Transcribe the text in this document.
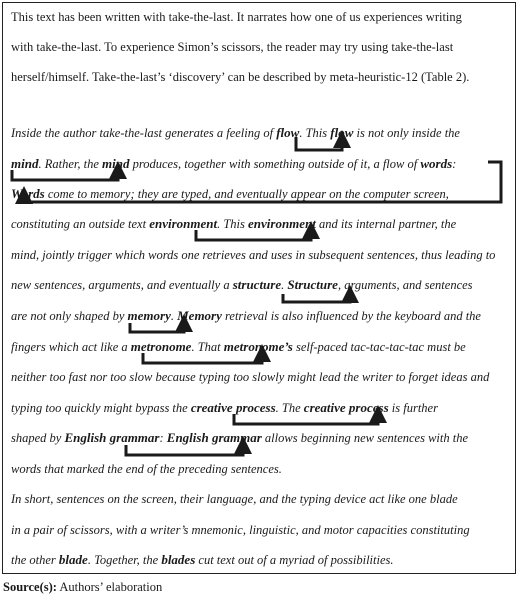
This text has been written with take-the-last. It narrates how one of us experiences writing
with take-the-last. To experience Simon’s scissors, the reader may try using take-the-last
herself/himself. Take-the-last’s ‘discovery’ can be described by meta-heuristic-12 (Table 2).
Inside the author take-the-last generates a feeling of flow. This flow is not only inside the
mind. Rather, the mind produces, together with something outside of it, a flow of words:
Words come to memory; they are typed, and eventually appear on the computer screen,
constituting an outside text environment. This environment and its internal partner, the
mind, jointly trigger which words one retrieves and uses in subsequent sentences, thus leading to
new sentences, arguments, and eventually a structure. Structure, arguments, and sentences
are not only shaped by memory. Memory retrieval is also influenced by the keyboard and the
fingers which act like a metronome. That metronome’s self-paced tac-tac-tac-tac must be
neither too fast nor too slow because typing too slowly might lead the writer to forget ideas and
typing too quickly might bypass the creative process. The creative process is further
shaped by English grammar: English grammar allows beginning new sentences with the
words that marked the end of the preceding sentences.
In short, sentences on the screen, their language, and the typing device act like one blade
in a pair of scissors, with a writer’s mnemonic, linguistic, and motor capacities constituting
the other blade. Together, the blades cut text out of a myriad of possibilities.
Source(s): Authors’ elaboration
